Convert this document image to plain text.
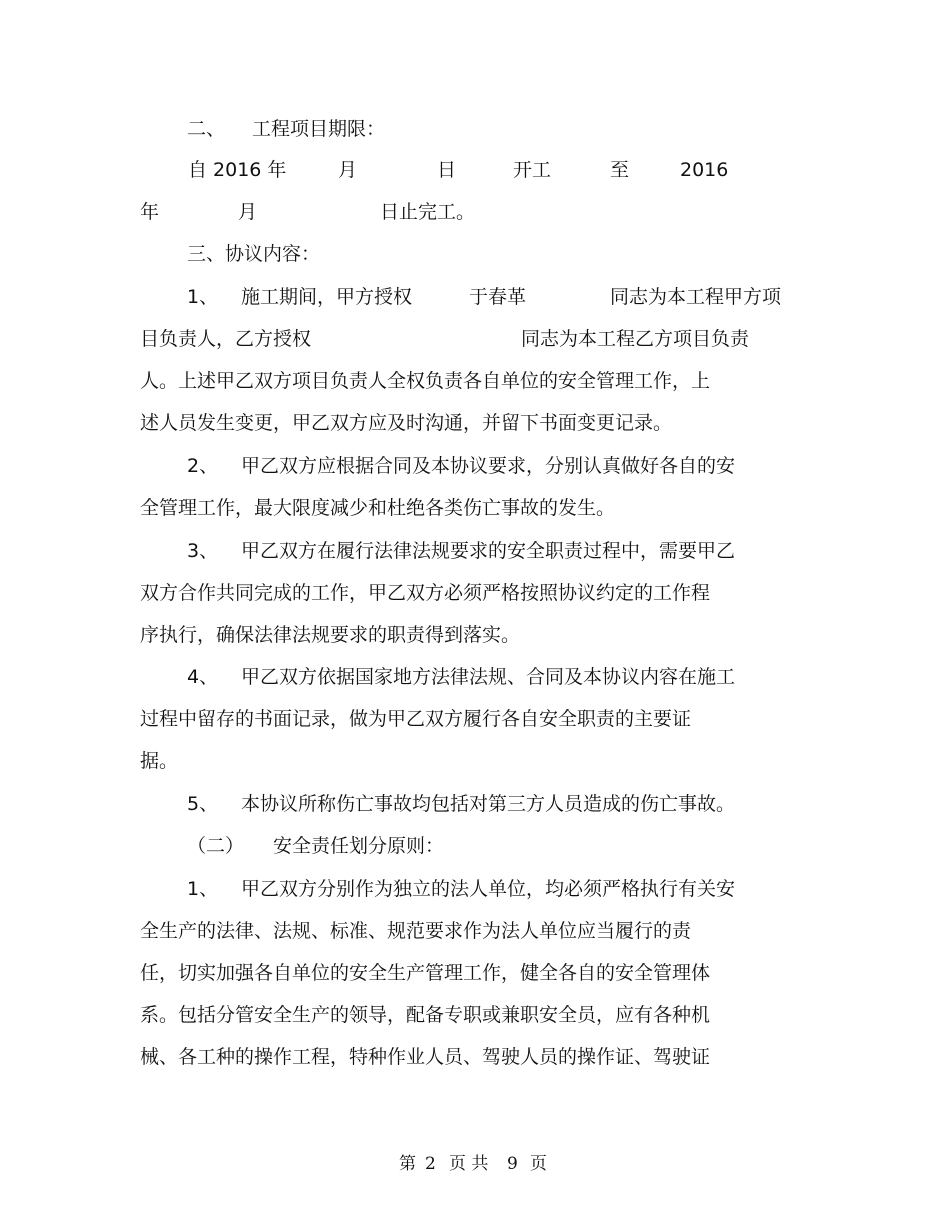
二、 工程项目期限：
自 2016 年	月	日	开工	至	2016
年	月	日止完工。
三、协议内容：
1、 施工期间，甲方授权	于春革	同志为本工程甲方项
目负责人，乙方授权	同志为本工程乙方项目负责
人。上述甲乙双方项目负责人全权负责各自单位的安全管理工作，上
述人员发生变更，甲乙双方应及时沟通，并留下书面变更记录。
2、 甲乙双方应根据合同及本协议要求，分别认真做好各自的安
全管理工作，最大限度减少和杜绝各类伤亡事故的发生。
3、 甲乙双方在履行法律法规要求的安全职责过程中，需要甲乙
双方合作共同完成的工作，甲乙双方必须严格按照协议约定的工作程
序执行，确保法律法规要求的职责得到落实。
4、 甲乙双方依据国家地方法律法规、合同及本协议内容在施工
过程中留存的书面记录，做为甲乙双方履行各自安全职责的主要证
据。
5、 本协议所称伤亡事故均包括对第三方人员造成的伤亡事故。
（二） 安全责任划分原则：
1、 甲乙双方分别作为独立的法人单位，均必须严格执行有关安
全生产的法律、法规、标准、规范要求作为法人单位应当履行的责
任，切实加强各自单位的安全生产管理工作，健全各自的安全管理体
系。包括分管安全生产的领导，配备专职或兼职安全员，应有各种机
械、各工种的操作工程，特种作业人员、驾驶人员的操作证、驾驶证
第 2 页 共 9 页
